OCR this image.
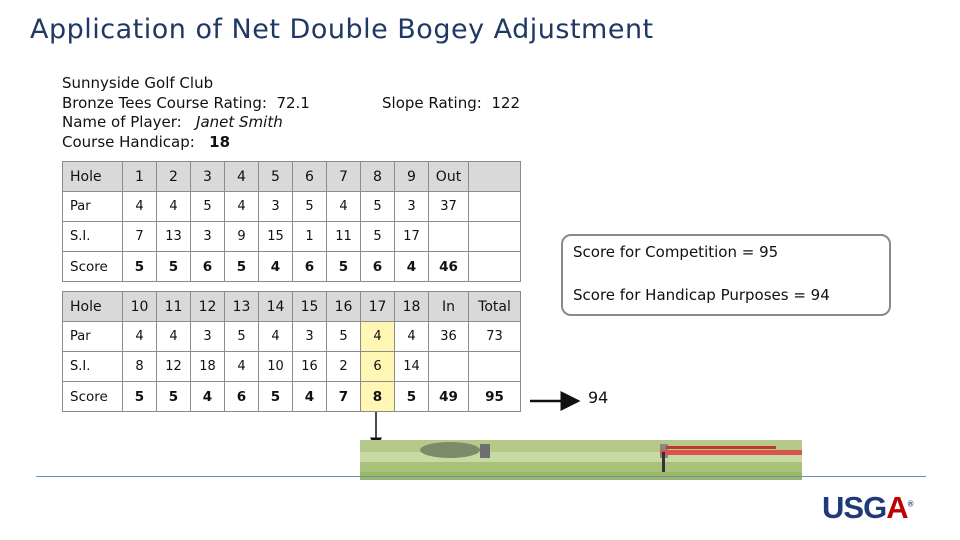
Application of Net Double Bogey Adjustment
Sunnyside Golf Club
Bronze Tees Course Rating: 72.1
Name of Player: Janet Smith
Course Handicap: 18
Slope Rating: 122
Hole	1	2	3	4	5	6	7	8	9	Out	
Par	4	4	5	4	3	5	4	5	3	37	
S.I.	7	13	3	9	15	1	11	5	17		
Score	5	5	6	5	4	6	5	6	4	46	
Hole	10	11	12	13	14	15	16	17	18	In	Total
Par	4	4	3	5	4	3	5	4	4	36	73
S.I.	8	12	18	4	10	16	2	6	14		
Score	5	5	4	6	5	4	7	8	5	49	95
Score for Competition = 95
Score for Handicap Purposes = 94
94
USGA®
